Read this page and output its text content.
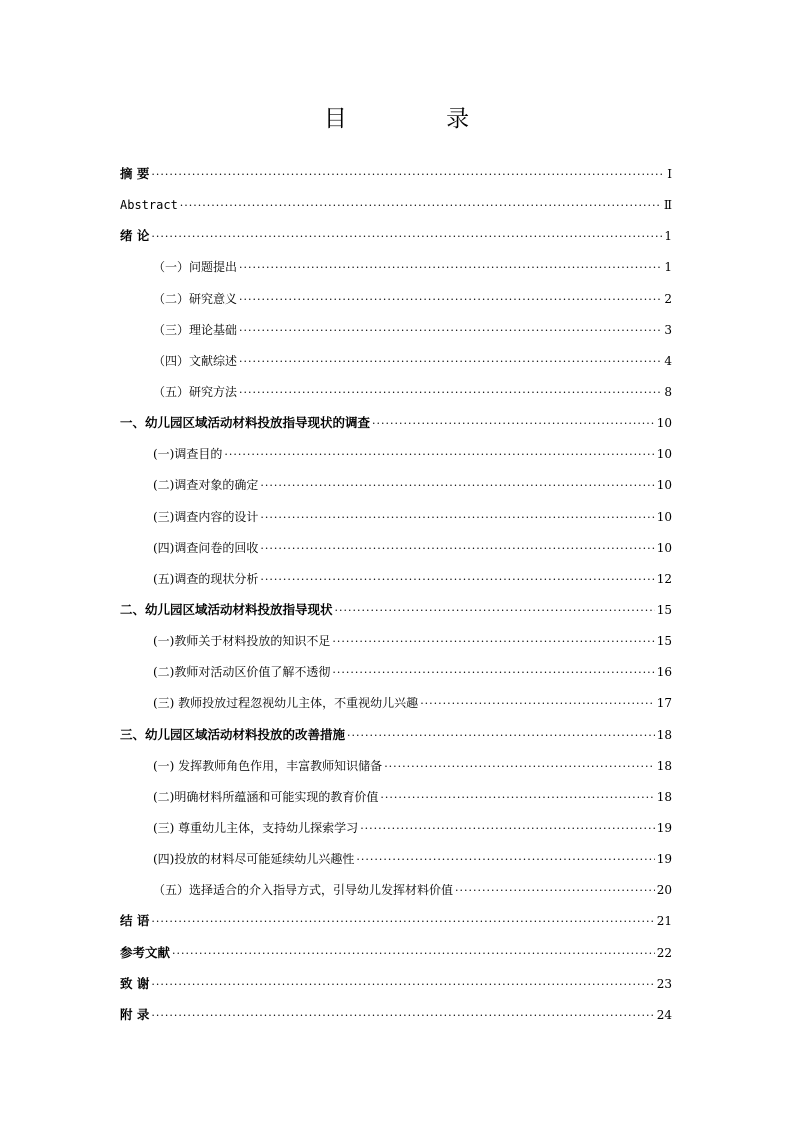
目 录
摘 要 ·····	Ⅰ
Abstract ·····	Ⅱ
绪 论 ·····	1
（一）问题提出 ·····	1
（二）研究意义 ·····	2
（三）理论基础 ·····	3
（四）文献综述 ·····	4
（五）研究方法 ·····	8
一、幼儿园区域活动材料投放指导现状的调查 ·····	10
(一)调查目的 ·····	10
(二)调查对象的确定 ·····	10
(三)调查内容的设计 ·····	10
(四)调查问卷的回收 ·····	10
(五)调查的现状分析 ·····	12
二、幼儿园区域活动材料投放指导现状 ·····	15
(一)教师关于材料投放的知识不足 ·····	15
(二)教师对活动区价值了解不透彻 ·····	16
(三) 教师投放过程忽视幼儿主体，不重视幼儿兴趣 ·····	17
三、幼儿园区域活动材料投放的改善措施 ·····	18
(一) 发挥教师角色作用，丰富教师知识储备 ·····	18
(二)明确材料所蕴涵和可能实现的教育价值 ·····	18
(三) 尊重幼儿主体，支持幼儿探索学习 ·····	19
(四)投放的材料尽可能延续幼儿兴趣性 ·····	19
（五）选择适合的介入指导方式，引导幼儿发挥材料价值 ·····	20
结 语 ·····	21
参考文献 ·····	22
致 谢 ·····	23
附 录 ·····	24
